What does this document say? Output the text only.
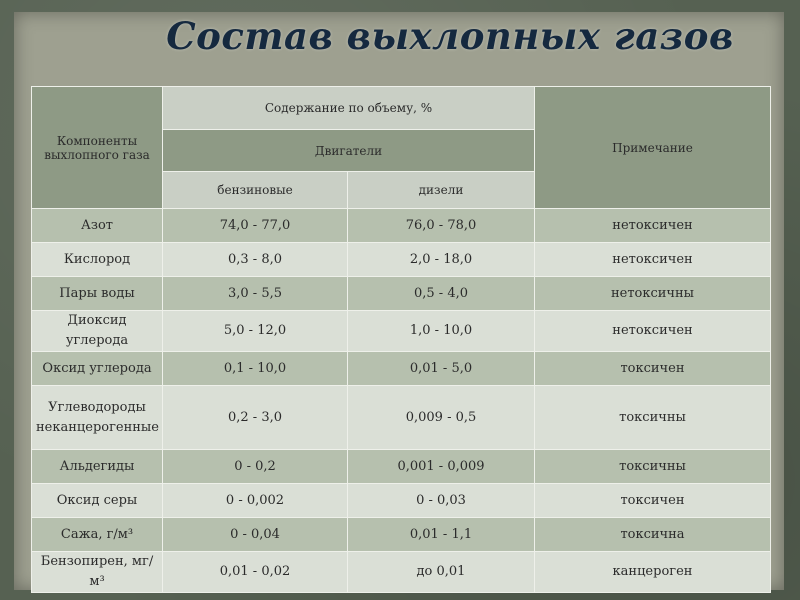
Состав выхлопных газов
Компоненты выхлопного газа	Содержание по объему, %		Примечание
	Двигатели		
	бензиновые	дизели	
Азот	74,0 - 77,0	76,0 - 78,0	нетоксичен
Кислород	0,3 - 8,0	2,0 - 18,0	нетоксичен
Пары воды	3,0 - 5,5	0,5 - 4,0	нетоксичны
Диоксид углерода	5,0 - 12,0	1,0 - 10,0	нетоксичен
Оксид углерода	0,1 - 10,0	0,01 - 5,0	токсичен
Углеводороды неканцерогенные	0,2 - 3,0	0,009 - 0,5	токсичны
Альдегиды	0 - 0,2	0,001 - 0,009	токсичны
Оксид серы	0 - 0,002	0 - 0,03	токсичен
Сажа, г/м³	0 - 0,04	0,01 - 1,1	токсична
Бензопирен, мг/м³	0,01 - 0,02	до 0,01	канцероген
